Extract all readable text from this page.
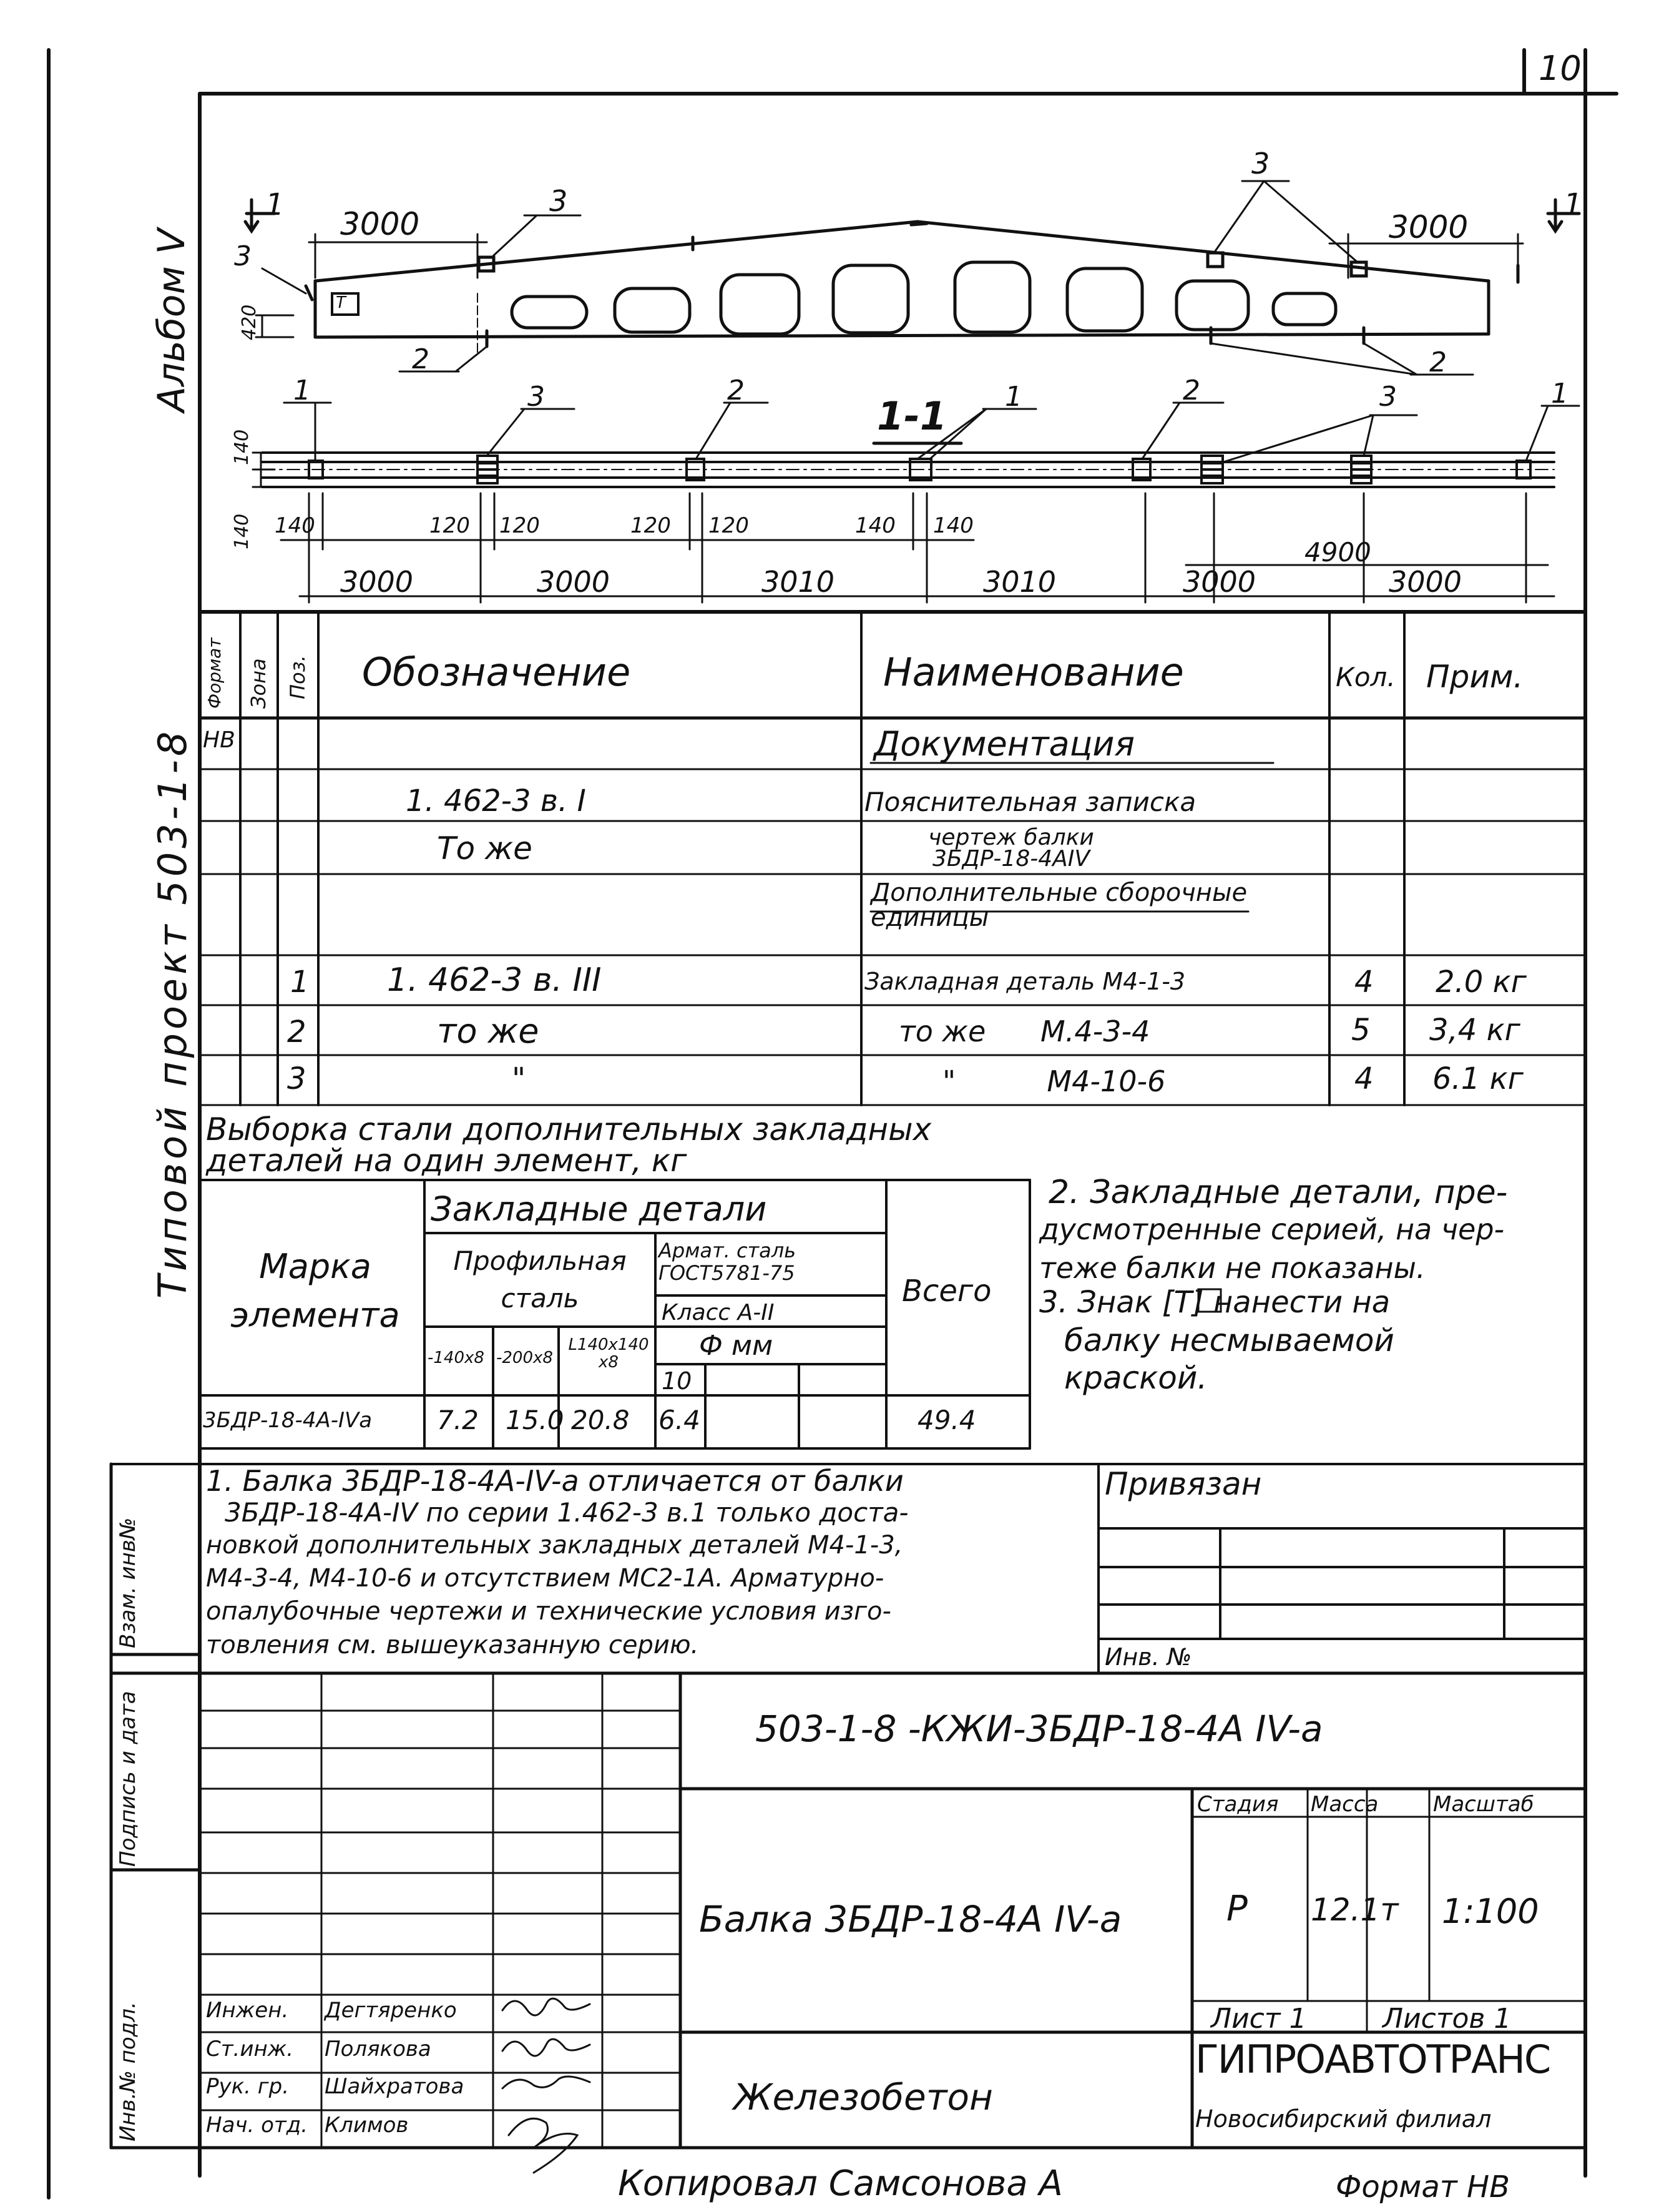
10
Альбом V
Типовой проект 503-1-8
Взам. инв№
Подпись и дата
Инв.№ подл.
1	1
3000	3000
Т
420
3
3
3
2	2
1-1
1	3	2	1	2	3	1
140
140 140	120 120	120 120	140 140
4900
3000	3000	3010	3010	3000	3000
Формат Зона Поз. Обозначение	Наименование	Кол. Прим.
НВ	Документация
1. 462-3 в. I	Пояснительная записка
То же	чертеж балки 3БДР-18-4АIV
Дополнительные сборочные единицы
1 1. 462-3 в. III	Закладная деталь М4-1-3	4 2.0 кг
2	то же	то же      М.4-3-4	5 3,4 кг
3	"	"          М4-10-6	4 6.1 кг
Выборка стали дополнительных закладных
деталей на один элемент, кг
Марка элемента
Закладные детали
Профильная сталь
Армат. сталь ГОСТ5781-75
Класс А-II
Ф мм
Всего
-140х8 -200х8
L140х140 х8
10
3БДР-18-4А-IVа 7.2 15.0 20.8 6.4	49.4
2. Закладные детали, пре-
дусмотренные серией, на чер-
теже балки не показаны.
3. Знак [Т] нанести на
балку несмываемой
краской.
1. Балка 3БДР-18-4А-IV-а отличается от балки
3БДР-18-4А-IV по серии 1.462-3 в.1 только доста-
новкой дополнительных закладных деталей М4-1-3,
М4-3-4, М4-10-6 и отсутствием МС2-1А. Арматурно-
опалубочные чертежи и технические условия изго-
товления см. вышеуказанную серию.
Привязан
Инв. №
503-1-8 -КЖИ-3БДР-18-4А IV-а
Балка 3БДР-18-4А IV-а
Железобетон
Стадия Масса	Масштаб
Р 12.1т 1:100
Лист 1	Листов 1
ГИПРОАВТОТРАНС
Новосибирский филиал
Инжен. Дегтяренко
Ст.инж. Полякова
Рук. гр. Шайхратова
Нач. отд. Климов
Копировал Самсонова А	Формат НВ
